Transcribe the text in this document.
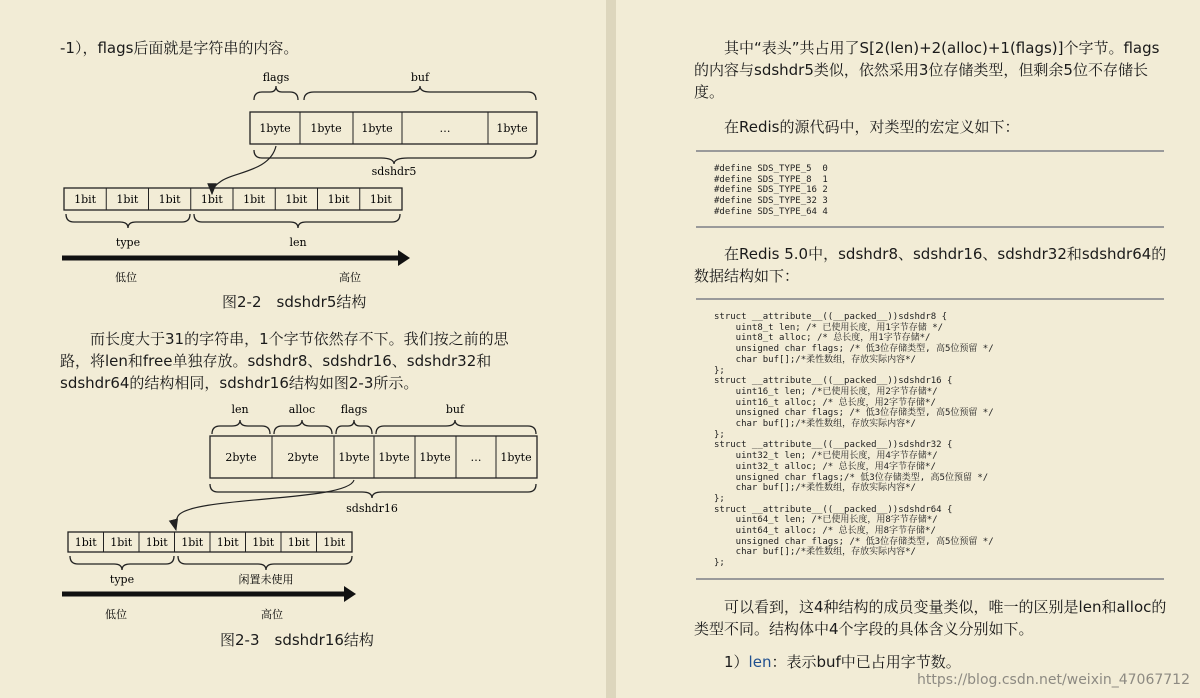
-1），flags后面就是字符串的内容。
flags	buf
1byte 1byte 1byte	…	1byte
sdshdr5
1bit 1bit 1bit 1bit 1bit 1bit 1bit 1bit
type	len
低位	高位
图2-2　sdshdr5结构
　　而长度大于31的字符串，1个字节依然存不下。我们按之前的思路，将len和free单独存放。sdshdr8、sdshdr16、sdshdr32和sdshdr64的结构相同，sdshdr16结构如图2-3所示。
len	alloc flags	buf
2byte	2byte 1byte 1byte 1byte … 1byte
sdshdr16
1bit 1bit 1bit 1bit 1bit 1bit 1bit 1bit
type	闲置未使用
低位	高位
图2-3　sdshdr16结构
　　其中“表头”共占用了S[2(len)+2(alloc)+1(flags)]个字节。flags的内容与sdshdr5类似，依然采用3位存储类型，但剩余5位不存储长度。
　　在Redis的源代码中，对类型的宏定义如下：
#define SDS_TYPE_5  0
#define SDS_TYPE_8  1
#define SDS_TYPE_16 2
#define SDS_TYPE_32 3
#define SDS_TYPE_64 4
　　在Redis 5.0中，sdshdr8、sdshdr16、sdshdr32和sdshdr64的数据结构如下：
struct __attribute__((__packed__))sdshdr8 {
uint8_t len; /* 已使用长度，用1字节存储 */
uint8_t alloc; /* 总长度，用1字节存储*/
unsigned char flags; /* 低3位存储类型, 高5位预留 */
char buf[];/*柔性数组，存放实际内容*/
};
struct __attribute__((__packed__))sdshdr16 {
uint16_t len; /*已使用长度，用2字节存储*/
uint16_t alloc; /* 总长度，用2字节存储*/
unsigned char flags; /* 低3位存储类型, 高5位预留 */
char buf[];/*柔性数组，存放实际内容*/
};
struct __attribute__((__packed__))sdshdr32 {
uint32_t len; /*已使用长度，用4字节存储*/
uint32_t alloc; /* 总长度，用4字节存储*/
unsigned char flags;/* 低3位存储类型, 高5位预留 */
char buf[];/*柔性数组，存放实际内容*/
};
struct __attribute__((__packed__))sdshdr64 {
uint64_t len; /*已使用长度，用8字节存储*/
uint64_t alloc; /* 总长度，用8字节存储*/
unsigned char flags; /* 低3位存储类型, 高5位预留 */
char buf[];/*柔性数组，存放实际内容*/
};
　　可以看到，这4种结构的成员变量类似，唯一的区别是len和alloc的类型不同。结构体中4个字段的具体含义分别如下。
　　1）len：表示buf中已占用字节数。
https://blog.csdn.net/weixin_47067712
